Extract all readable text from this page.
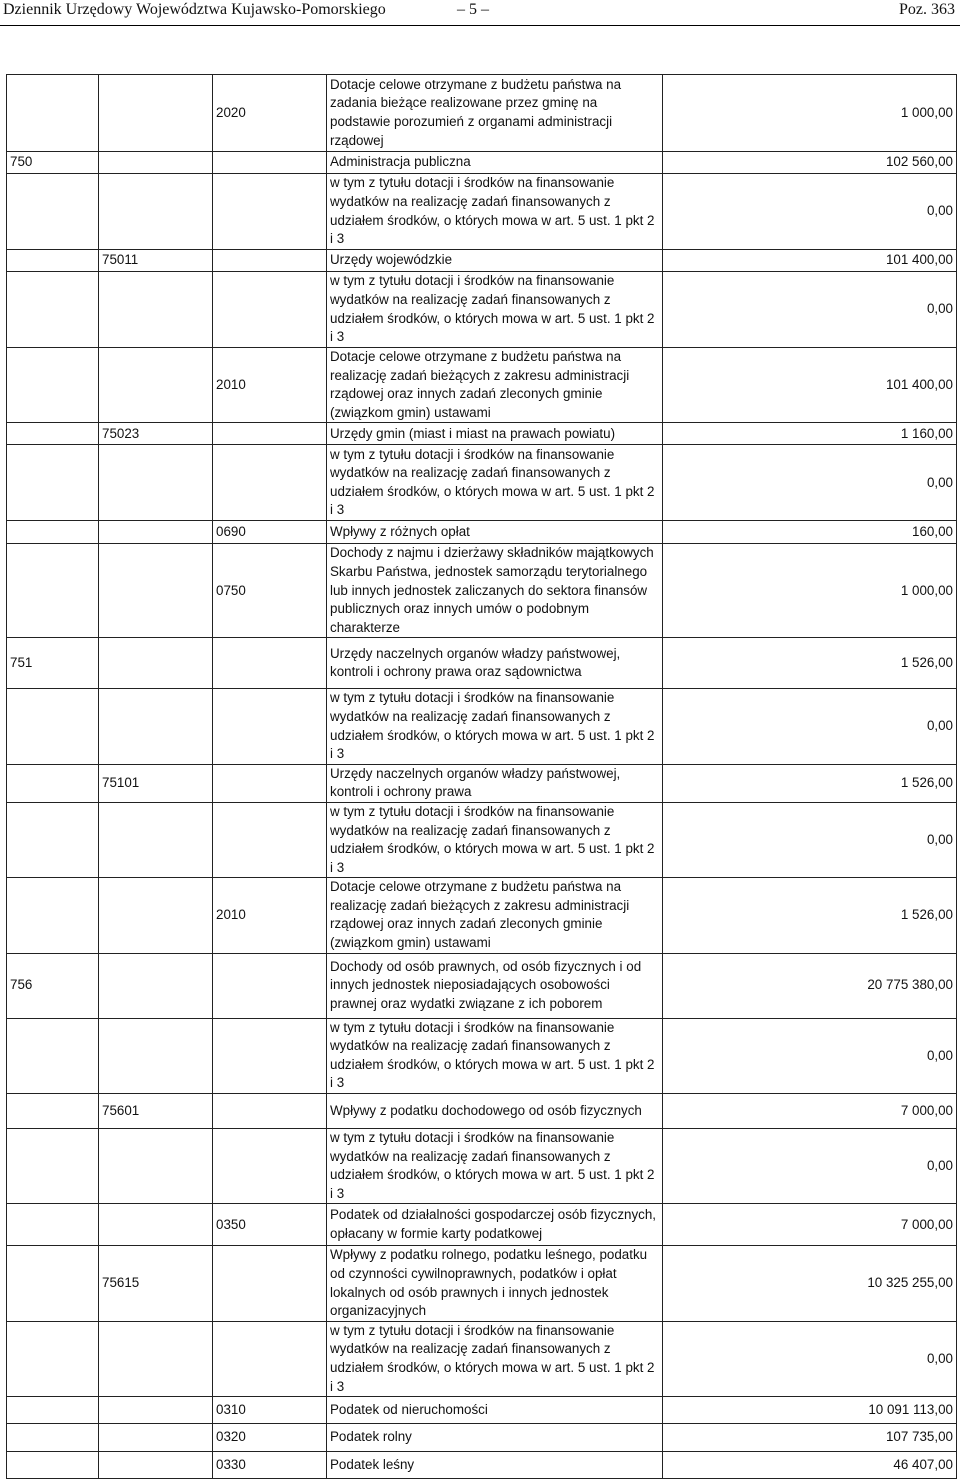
Dziennik Urzędowy Województwa Kujawsko-Pomorskiego	– 5 –	Poz. 363
		2020	Dotacje celowe otrzymane z budżetu państwa na zadania bieżące realizowane przez gminę na podstawie porozumień z organami administracji rządowej	1 000,00
750			Administracja publiczna	102 560,00
			w tym z tytułu dotacji i środków na finansowanie wydatków na realizację zadań finansowanych z udziałem środków, o których mowa w art. 5 ust. 1 pkt 2 i 3	0,00
	75011		Urzędy wojewódzkie	101 400,00
			w tym z tytułu dotacji i środków na finansowanie wydatków na realizację zadań finansowanych z udziałem środków, o których mowa w art. 5 ust. 1 pkt 2 i 3	0,00
		2010	Dotacje celowe otrzymane z budżetu państwa na realizację zadań bieżących z zakresu administracji rządowej oraz innych zadań zleconych gminie (związkom gmin) ustawami	101 400,00
	75023		Urzędy gmin (miast i miast na prawach powiatu)	1 160,00
			w tym z tytułu dotacji i środków na finansowanie wydatków na realizację zadań finansowanych z udziałem środków, o których mowa w art. 5 ust. 1 pkt 2 i 3	0,00
		0690	Wpływy z różnych opłat	160,00
		0750	Dochody z najmu i dzierżawy składników majątkowych Skarbu Państwa, jednostek samorządu terytorialnego lub innych jednostek zaliczanych do sektora finansów publicznych oraz innych umów o podobnym charakterze	1 000,00
751			Urzędy naczelnych organów władzy państwowej, kontroli i ochrony prawa oraz sądownictwa	1 526,00
			w tym z tytułu dotacji i środków na finansowanie wydatków na realizację zadań finansowanych z udziałem środków, o których mowa w art. 5 ust. 1 pkt 2 i 3	0,00
	75101		Urzędy naczelnych organów władzy państwowej, kontroli i ochrony prawa	1 526,00
			w tym z tytułu dotacji i środków na finansowanie wydatków na realizację zadań finansowanych z udziałem środków, o których mowa w art. 5 ust. 1 pkt 2 i 3	0,00
		2010	Dotacje celowe otrzymane z budżetu państwa na realizację zadań bieżących z zakresu administracji rządowej oraz innych zadań zleconych gminie (związkom gmin) ustawami	1 526,00
756			Dochody od osób prawnych, od osób fizycznych i od innych jednostek nieposiadających osobowości prawnej oraz wydatki związane z ich poborem	20 775 380,00
			w tym z tytułu dotacji i środków na finansowanie wydatków na realizację zadań finansowanych z udziałem środków, o których mowa w art. 5 ust. 1 pkt 2 i 3	0,00
	75601		Wpływy z podatku dochodowego od osób fizycznych	7 000,00
			w tym z tytułu dotacji i środków na finansowanie wydatków na realizację zadań finansowanych z udziałem środków, o których mowa w art. 5 ust. 1 pkt 2 i 3	0,00
		0350	Podatek od działalności gospodarczej osób fizycznych, opłacany w formie karty podatkowej	7 000,00
	75615		Wpływy z podatku rolnego, podatku leśnego, podatku od czynności cywilnoprawnych, podatków i opłat lokalnych od osób prawnych i innych jednostek organizacyjnych	10 325 255,00
			w tym z tytułu dotacji i środków na finansowanie wydatków na realizację zadań finansowanych z udziałem środków, o których mowa w art. 5 ust. 1 pkt 2 i 3	0,00
		0310	Podatek od nieruchomości	10 091 113,00
		0320	Podatek rolny	107 735,00
		0330	Podatek leśny	46 407,00
